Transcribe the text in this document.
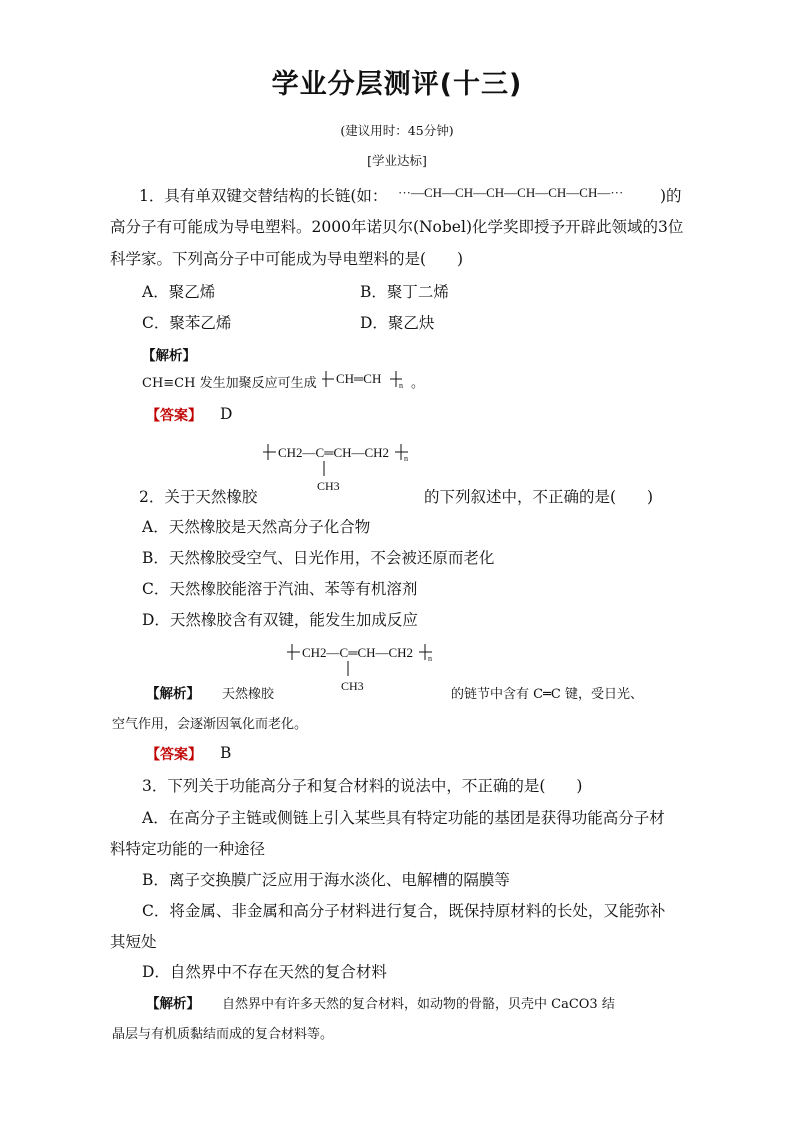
学业分层测评(十三)
(建议用时：45分钟)
[学业达标]
1．具有单双键交替结构的长链(如： ···—CH—CH—CH—CH—CH—CH—··· )的
高分子有可能成为导电塑料。2000年诺贝尔(Nobel)化学奖即授予开辟此领域的3位
科学家。下列高分子中可能成为导电塑料的是(　　)
A．聚乙烯	B．聚丁二烯
C．聚苯乙烯	D．聚乙炔
【解析】
CH≡CH 发生加聚反应可生成 CH═CH n 。
【答案】 D
CH2—C═CH—CH2
CH3
n
2．关于天然橡胶	的下列叙述中，不正确的是(　　)
A．天然橡胶是天然高分子化合物
B．天然橡胶受空气、日光作用，不会被还原而老化
C．天然橡胶能溶于汽油、苯等有机溶剂
D．天然橡胶含有双键，能发生加成反应
CH2—C═CH—CH2
CH3
n
【解析】 天然橡胶	的链节中含有 C═C 键，受日光、
空气作用，会逐渐因氧化而老化。
【答案】 B
3．下列关于功能高分子和复合材料的说法中，不正确的是(　　)
A．在高分子主链或侧链上引入某些具有特定功能的基团是获得功能高分子材
料特定功能的一种途径
B．离子交换膜广泛应用于海水淡化、电解槽的隔膜等
C．将金属、非金属和高分子材料进行复合，既保持原材料的长处，又能弥补
其短处
D．自然界中不存在天然的复合材料
【解析】 自然界中有许多天然的复合材料，如动物的骨骼，贝壳中 CaCO3 结
晶层与有机质黏结而成的复合材料等。
